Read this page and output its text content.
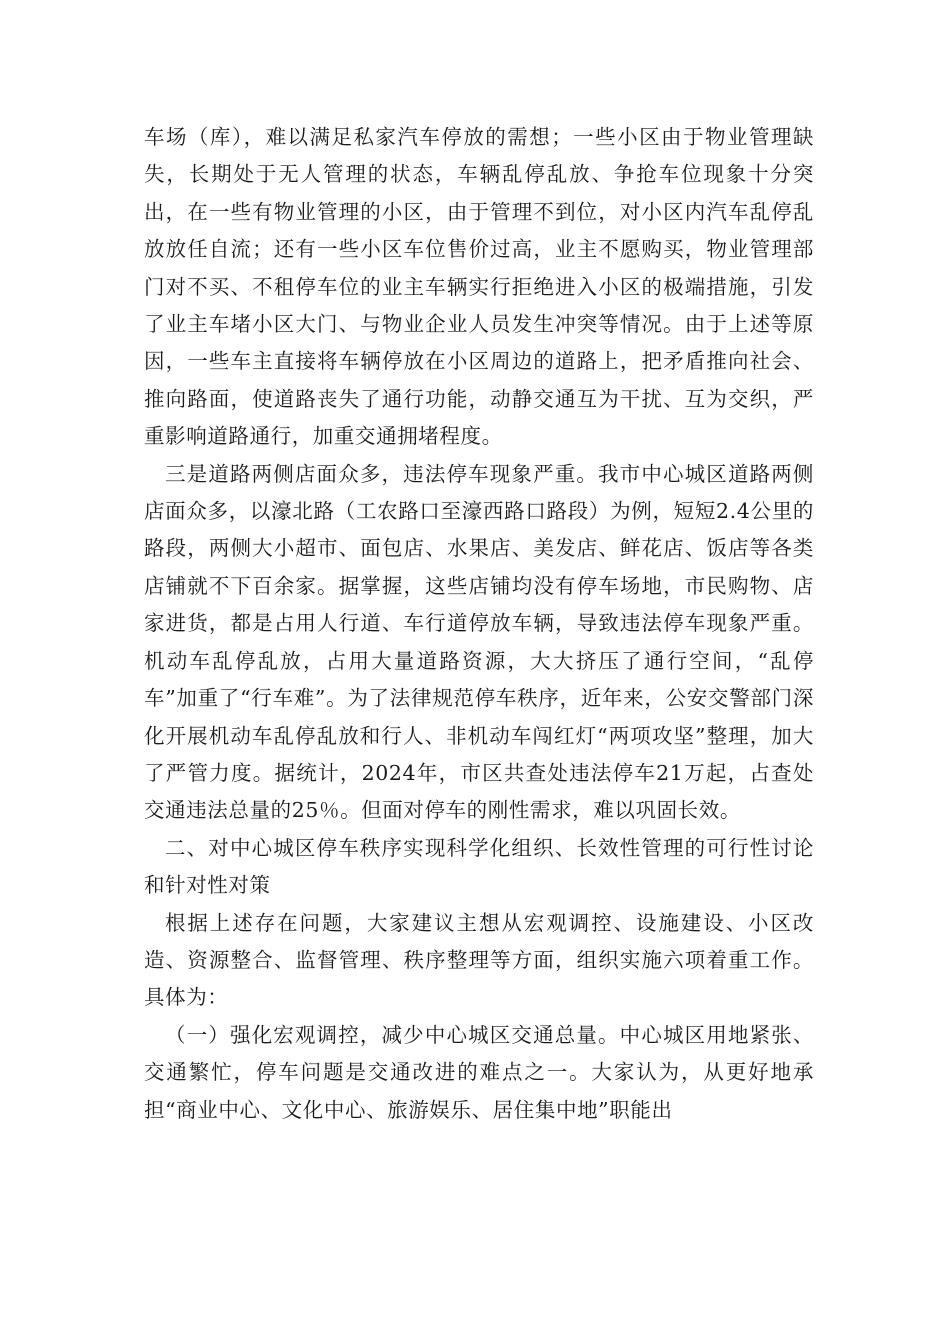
车场（库），难以满足私家汽车停放的需想；一些小区由于物业管理缺失，长期处于无人管理的状态，车辆乱停乱放、争抢车位现象十分突出，在一些有物业管理的小区，由于管理不到位，对小区内汽车乱停乱放放任自流；还有一些小区车位售价过高，业主不愿购买，物业管理部门对不买、不租停车位的业主车辆实行拒绝进入小区的极端措施，引发了业主车堵小区大门、与物业企业人员发生冲突等情况。由于上述等原因，一些车主直接将车辆停放在小区周边的道路上，把矛盾推向社会、推向路面，使道路丧失了通行功能，动静交通互为干扰、互为交织，严重影响道路通行，加重交通拥堵程度。

三是道路两侧店面众多，违法停车现象严重。我市中心城区道路两侧店面众多，以濠北路（工农路口至濠西路口路段）为例，短短2.4公里的路段，两侧大小超市、面包店、水果店、美发店、鲜花店、饭店等各类店铺就不下百余家。据掌握，这些店铺均没有停车场地，市民购物、店家进货，都是占用人行道、车行道停放车辆，导致违法停车现象严重。机动车乱停乱放，占用大量道路资源，大大挤压了通行空间，“乱停车”加重了“行车难”。为了法律规范停车秩序，近年来，公安交警部门深化开展机动车乱停乱放和行人、非机动车闯红灯“两项攻坚”整理，加大了严管力度。据统计，2024年，市区共查处违法停车21万起，占查处交通违法总量的25％。但面对停车的刚性需求，难以巩固长效。

二、对中心城区停车秩序实现科学化组织、长效性管理的可行性讨论和针对性对策

根据上述存在问题，大家建议主想从宏观调控、设施建设、小区改造、资源整合、监督管理、秩序整理等方面，组织实施六项着重工作。具体为：

（一）强化宏观调控，减少中心城区交通总量。中心城区用地紧张、交通繁忙，停车问题是交通改进的难点之一。大家认为，从更好地承担“商业中心、文化中心、旅游娱乐、居住集中地”职能出
